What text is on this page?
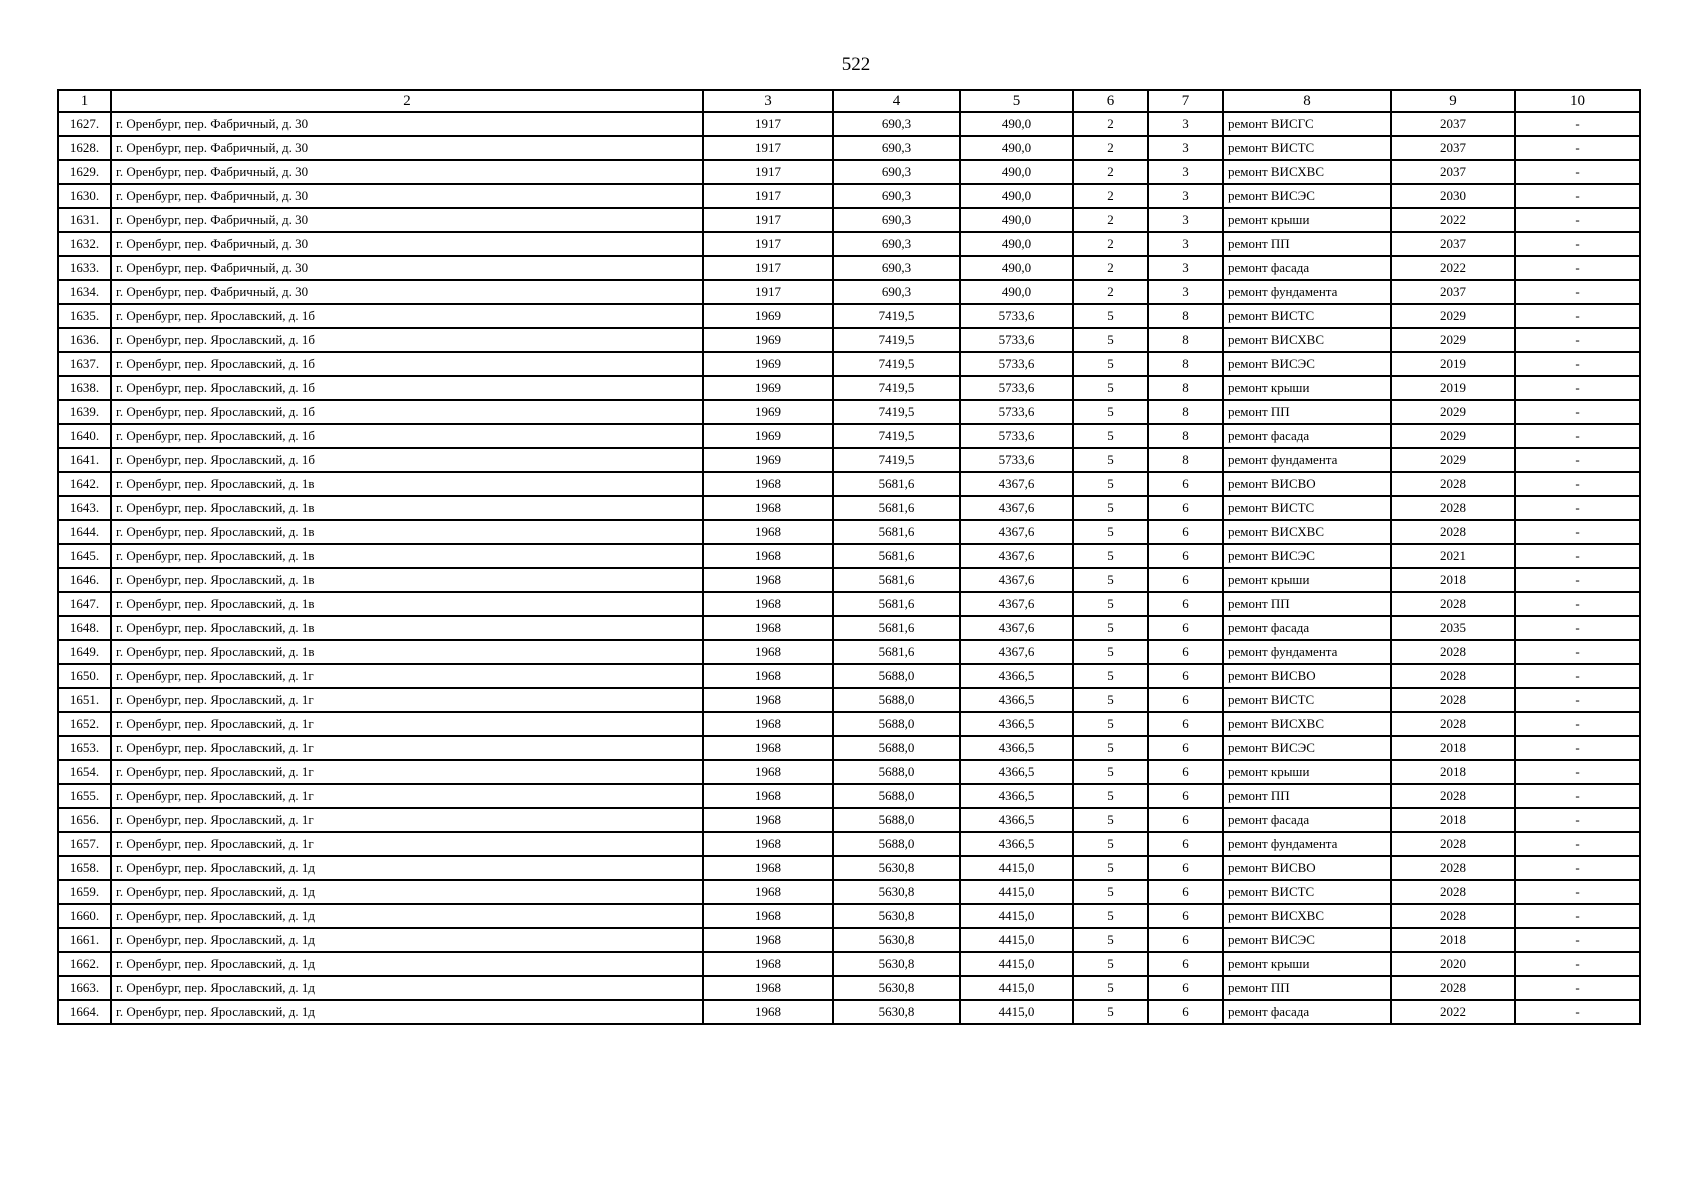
522
1	2	3	4	5	6	7	8	9	10
1627.	г. Оренбург, пер. Фабричный, д. 30	1917	690,3	490,0	2	3	ремонт ВИСГС	2037	-
1628.	г. Оренбург, пер. Фабричный, д. 30	1917	690,3	490,0	2	3	ремонт ВИСТС	2037	-
1629.	г. Оренбург, пер. Фабричный, д. 30	1917	690,3	490,0	2	3	ремонт ВИСХВС	2037	-
1630.	г. Оренбург, пер. Фабричный, д. 30	1917	690,3	490,0	2	3	ремонт ВИСЭС	2030	-
1631.	г. Оренбург, пер. Фабричный, д. 30	1917	690,3	490,0	2	3	ремонт крыши	2022	-
1632.	г. Оренбург, пер. Фабричный, д. 30	1917	690,3	490,0	2	3	ремонт ПП	2037	-
1633.	г. Оренбург, пер. Фабричный, д. 30	1917	690,3	490,0	2	3	ремонт фасада	2022	-
1634.	г. Оренбург, пер. Фабричный, д. 30	1917	690,3	490,0	2	3	ремонт фундамента	2037	-
1635.	г. Оренбург, пер. Ярославский, д. 1б	1969	7419,5	5733,6	5	8	ремонт ВИСТС	2029	-
1636.	г. Оренбург, пер. Ярославский, д. 1б	1969	7419,5	5733,6	5	8	ремонт ВИСХВС	2029	-
1637.	г. Оренбург, пер. Ярославский, д. 1б	1969	7419,5	5733,6	5	8	ремонт ВИСЭС	2019	-
1638.	г. Оренбург, пер. Ярославский, д. 1б	1969	7419,5	5733,6	5	8	ремонт крыши	2019	-
1639.	г. Оренбург, пер. Ярославский, д. 1б	1969	7419,5	5733,6	5	8	ремонт ПП	2029	-
1640.	г. Оренбург, пер. Ярославский, д. 1б	1969	7419,5	5733,6	5	8	ремонт фасада	2029	-
1641.	г. Оренбург, пер. Ярославский, д. 1б	1969	7419,5	5733,6	5	8	ремонт фундамента	2029	-
1642.	г. Оренбург, пер. Ярославский, д. 1в	1968	5681,6	4367,6	5	6	ремонт ВИСВО	2028	-
1643.	г. Оренбург, пер. Ярославский, д. 1в	1968	5681,6	4367,6	5	6	ремонт ВИСТС	2028	-
1644.	г. Оренбург, пер. Ярославский, д. 1в	1968	5681,6	4367,6	5	6	ремонт ВИСХВС	2028	-
1645.	г. Оренбург, пер. Ярославский, д. 1в	1968	5681,6	4367,6	5	6	ремонт ВИСЭС	2021	-
1646.	г. Оренбург, пер. Ярославский, д. 1в	1968	5681,6	4367,6	5	6	ремонт крыши	2018	-
1647.	г. Оренбург, пер. Ярославский, д. 1в	1968	5681,6	4367,6	5	6	ремонт ПП	2028	-
1648.	г. Оренбург, пер. Ярославский, д. 1в	1968	5681,6	4367,6	5	6	ремонт фасада	2035	-
1649.	г. Оренбург, пер. Ярославский, д. 1в	1968	5681,6	4367,6	5	6	ремонт фундамента	2028	-
1650.	г. Оренбург, пер. Ярославский, д. 1г	1968	5688,0	4366,5	5	6	ремонт ВИСВО	2028	-
1651.	г. Оренбург, пер. Ярославский, д. 1г	1968	5688,0	4366,5	5	6	ремонт ВИСТС	2028	-
1652.	г. Оренбург, пер. Ярославский, д. 1г	1968	5688,0	4366,5	5	6	ремонт ВИСХВС	2028	-
1653.	г. Оренбург, пер. Ярославский, д. 1г	1968	5688,0	4366,5	5	6	ремонт ВИСЭС	2018	-
1654.	г. Оренбург, пер. Ярославский, д. 1г	1968	5688,0	4366,5	5	6	ремонт крыши	2018	-
1655.	г. Оренбург, пер. Ярославский, д. 1г	1968	5688,0	4366,5	5	6	ремонт ПП	2028	-
1656.	г. Оренбург, пер. Ярославский, д. 1г	1968	5688,0	4366,5	5	6	ремонт фасада	2018	-
1657.	г. Оренбург, пер. Ярославский, д. 1г	1968	5688,0	4366,5	5	6	ремонт фундамента	2028	-
1658.	г. Оренбург, пер. Ярославский, д. 1д	1968	5630,8	4415,0	5	6	ремонт ВИСВО	2028	-
1659.	г. Оренбург, пер. Ярославский, д. 1д	1968	5630,8	4415,0	5	6	ремонт ВИСТС	2028	-
1660.	г. Оренбург, пер. Ярославский, д. 1д	1968	5630,8	4415,0	5	6	ремонт ВИСХВС	2028	-
1661.	г. Оренбург, пер. Ярославский, д. 1д	1968	5630,8	4415,0	5	6	ремонт ВИСЭС	2018	-
1662.	г. Оренбург, пер. Ярославский, д. 1д	1968	5630,8	4415,0	5	6	ремонт крыши	2020	-
1663.	г. Оренбург, пер. Ярославский, д. 1д	1968	5630,8	4415,0	5	6	ремонт ПП	2028	-
1664.	г. Оренбург, пер. Ярославский, д. 1д	1968	5630,8	4415,0	5	6	ремонт фасада	2022	-
